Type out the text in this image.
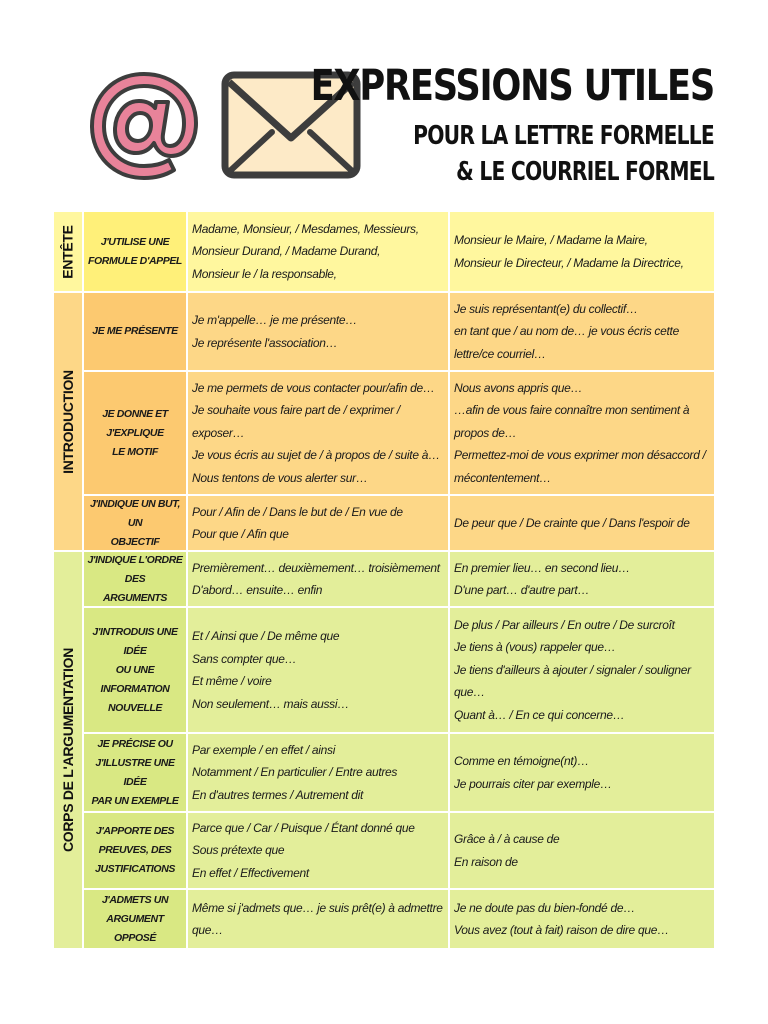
EXPRESSIONS UTILES
POUR LA LETTRE FORMELLE
& LE COURRIEL FORMEL
ENTÊTE
INTRODUCTION
CORPS DE L'ARGUMENTATION
J'UTILISE UNE
FORMULE D'APPEL
Madame, Monsieur, / Mesdames, Messieurs,
Monsieur Durand, / Madame Durand,
Monsieur le / la responsable,
Monsieur le Maire, / Madame la Maire,
Monsieur le Directeur, / Madame la Directrice,
JE ME PRÉSENTE
Je m'appelle… je me présente…
Je représente l'association…
Je suis représentant(e) du collectif…
en tant que / au nom de… je vous écris cette
lettre/ce courriel…
JE DONNE ET J'EXPLIQUE
LE MOTIF
Je me permets de vous contacter pour/afin de…
Je souhaite vous faire part de / exprimer /
exposer…
Je vous écris au sujet de / à propos de / suite à…
Nous tentons de vous alerter sur…
Nous avons appris que…
…afin de vous faire connaître mon sentiment à
propos de…
Permettez-moi de vous exprimer mon désaccord /
mécontentement…
J'INDIQUE UN BUT, UN
OBJECTIF
Pour / Afin de / Dans le but de / En vue de
Pour que / Afin que
De peur que / De crainte que / Dans l'espoir de
J'INDIQUE L'ORDRE DES
ARGUMENTS
Premièrement… deuxièmement… troisièmement
D'abord… ensuite… enfin
En premier lieu… en second lieu…
D'une part… d'autre part…
J'INTRODUIS UNE IDÉE
OU UNE INFORMATION
NOUVELLE
Et / Ainsi que / De même que
Sans compter que…
Et même / voire
Non seulement… mais aussi…
De plus / Par ailleurs / En outre / De surcroît
Je tiens à (vous) rappeler que…
Je tiens d'ailleurs à ajouter / signaler / souligner
que…
Quant à… / En ce qui concerne…
JE PRÉCISE OU
J'ILLUSTRE UNE IDÉE
PAR UN EXEMPLE
Par exemple / en effet / ainsi
Notamment / En particulier / Entre autres
En d'autres termes / Autrement dit
Comme en témoigne(nt)…
Je pourrais citer par exemple…
J'APPORTE DES
PREUVES, DES
JUSTIFICATIONS
Parce que / Car / Puisque / Étant donné que
Sous prétexte que
En effet / Effectivement
Grâce à / à cause de
En raison de
J'ADMETS UN
ARGUMENT OPPOSÉ
Même si j'admets que… je suis prêt(e) à admettre
que…
Je ne doute pas du bien-fondé de…
Vous avez (tout à fait) raison de dire que…
